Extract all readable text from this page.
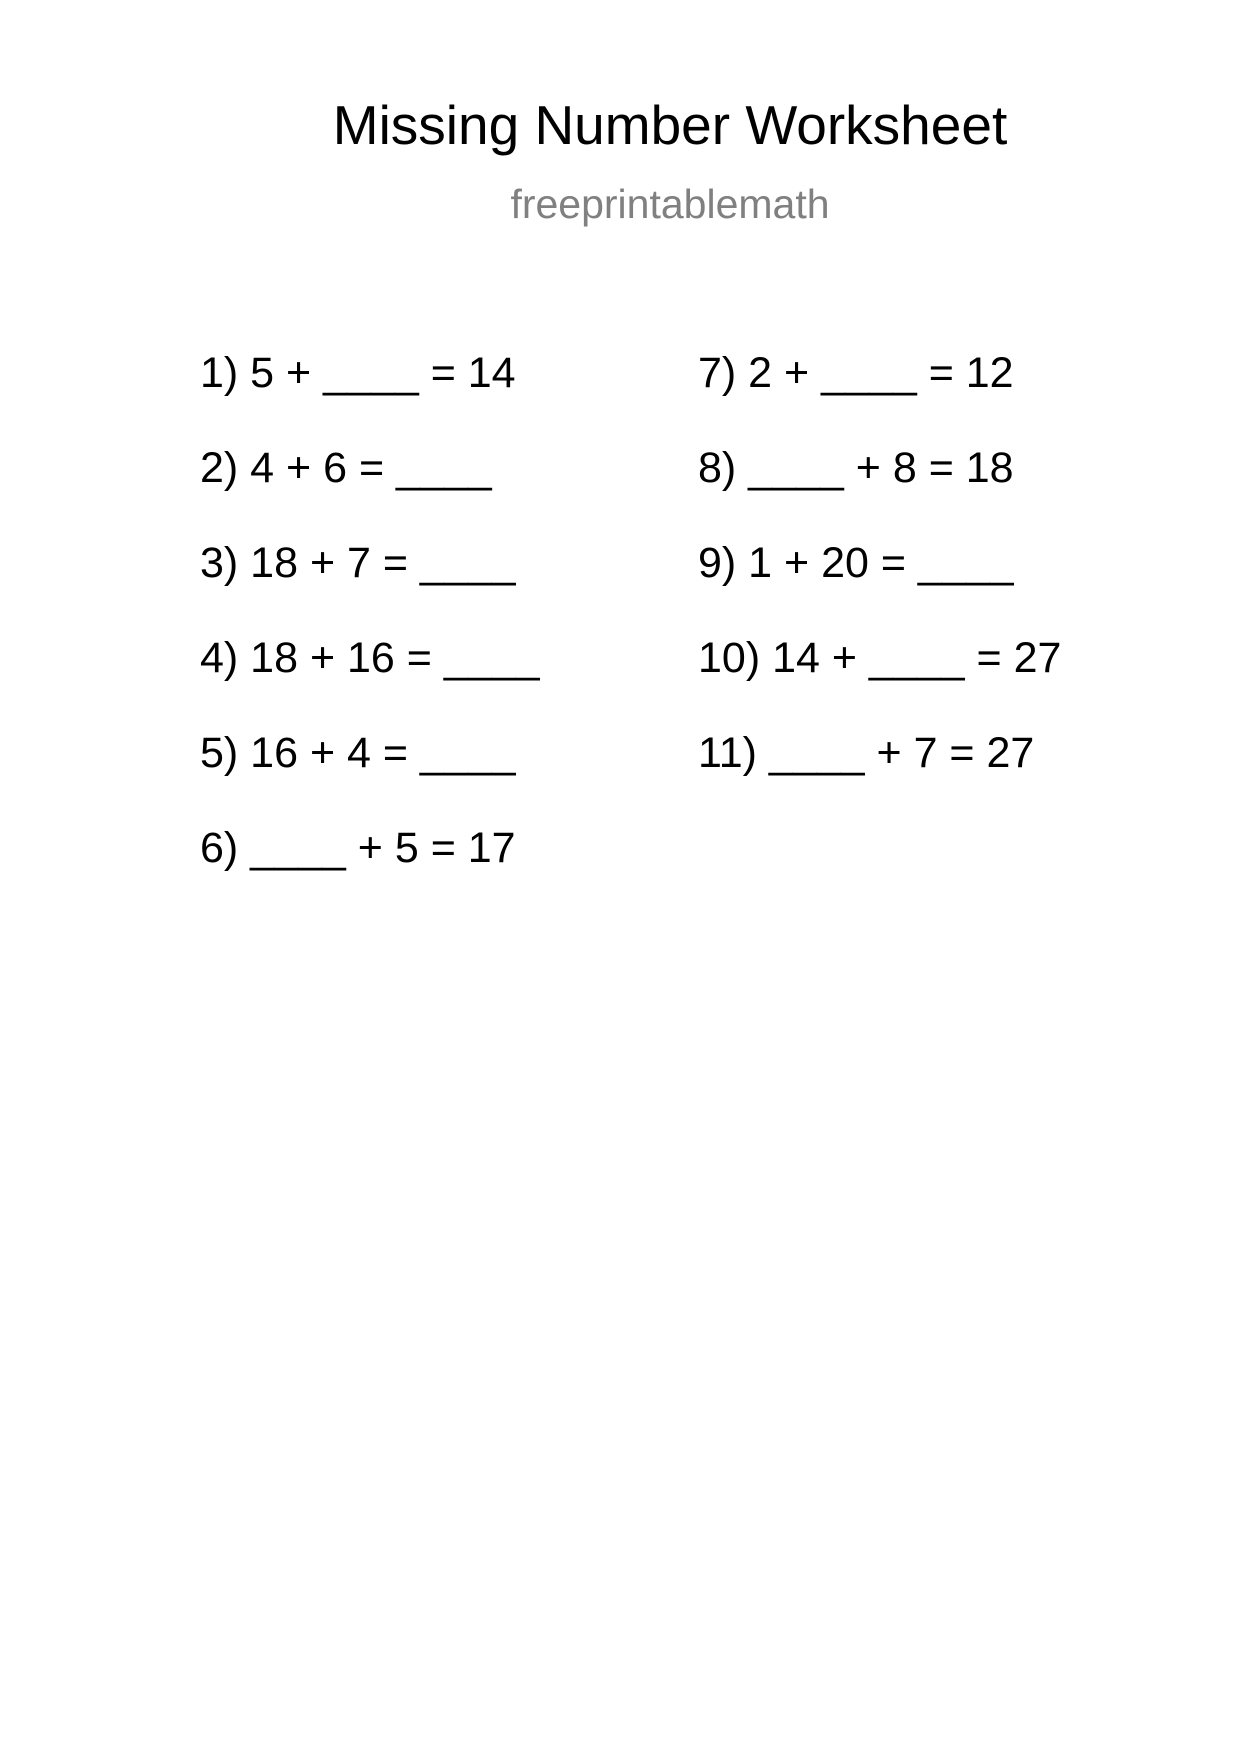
Missing Number Worksheet
freeprintablemath
1) 5 + ____ = 14
2) 4 + 6 = ____
3) 18 + 7 = ____
4) 18 + 16 = ____
5) 16 + 4 = ____
6) ____ + 5 = 17
7) 2 + ____ = 12
8) ____ + 8 = 18
9) 1 + 20 = ____
10) 14 + ____ = 27
11) ____ + 7 = 27
